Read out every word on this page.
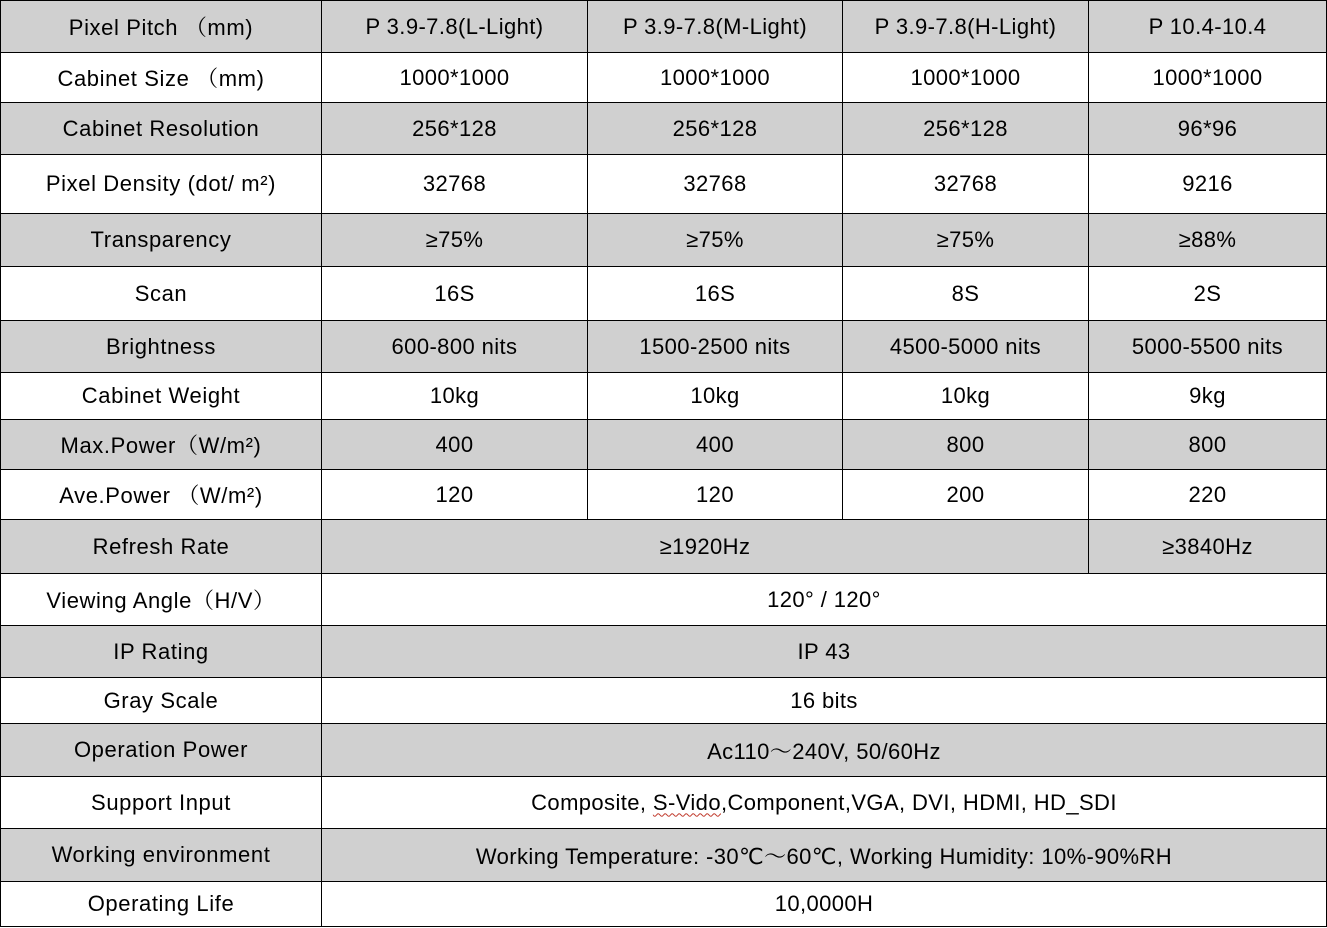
Pixel Pitch （mm)	P 3.9-7.8(L-Light)	P 3.9-7.8(M-Light)	P 3.9-7.8(H-Light)	P 10.4-10.4
Cabinet Size （mm)	1000*1000	1000*1000	1000*1000	1000*1000
Cabinet Resolution	256*128	256*128	256*128	96*96
Pixel Density (dot/ m²)	32768	32768	32768	9216
Transparency	≥75%	≥75%	≥75%	≥88%
Scan	16S	16S	8S	2S
Brightness	600-800 nits	1500-2500 nits	4500-5000 nits	5000-5500 nits
Cabinet Weight	10kg	10kg	10kg	9kg
Max.Power（W/m²)	400	400	800	800
Ave.Power （W/m²)	120	120	200	220
Refresh Rate	≥1920Hz			≥3840Hz
Viewing Angle（H/V）	120° / 120°			
IP Rating	IP 43			
Gray Scale	16 bits			
Operation Power	Ac110～240V, 50/60Hz			
Support Input	Composite, S-Vido,Component,VGA, DVI, HDMI, HD_SDI			
Working environment	Working Temperature: -30℃～60℃, Working Humidity: 10%-90%RH			
Operating Life	10,0000H			
